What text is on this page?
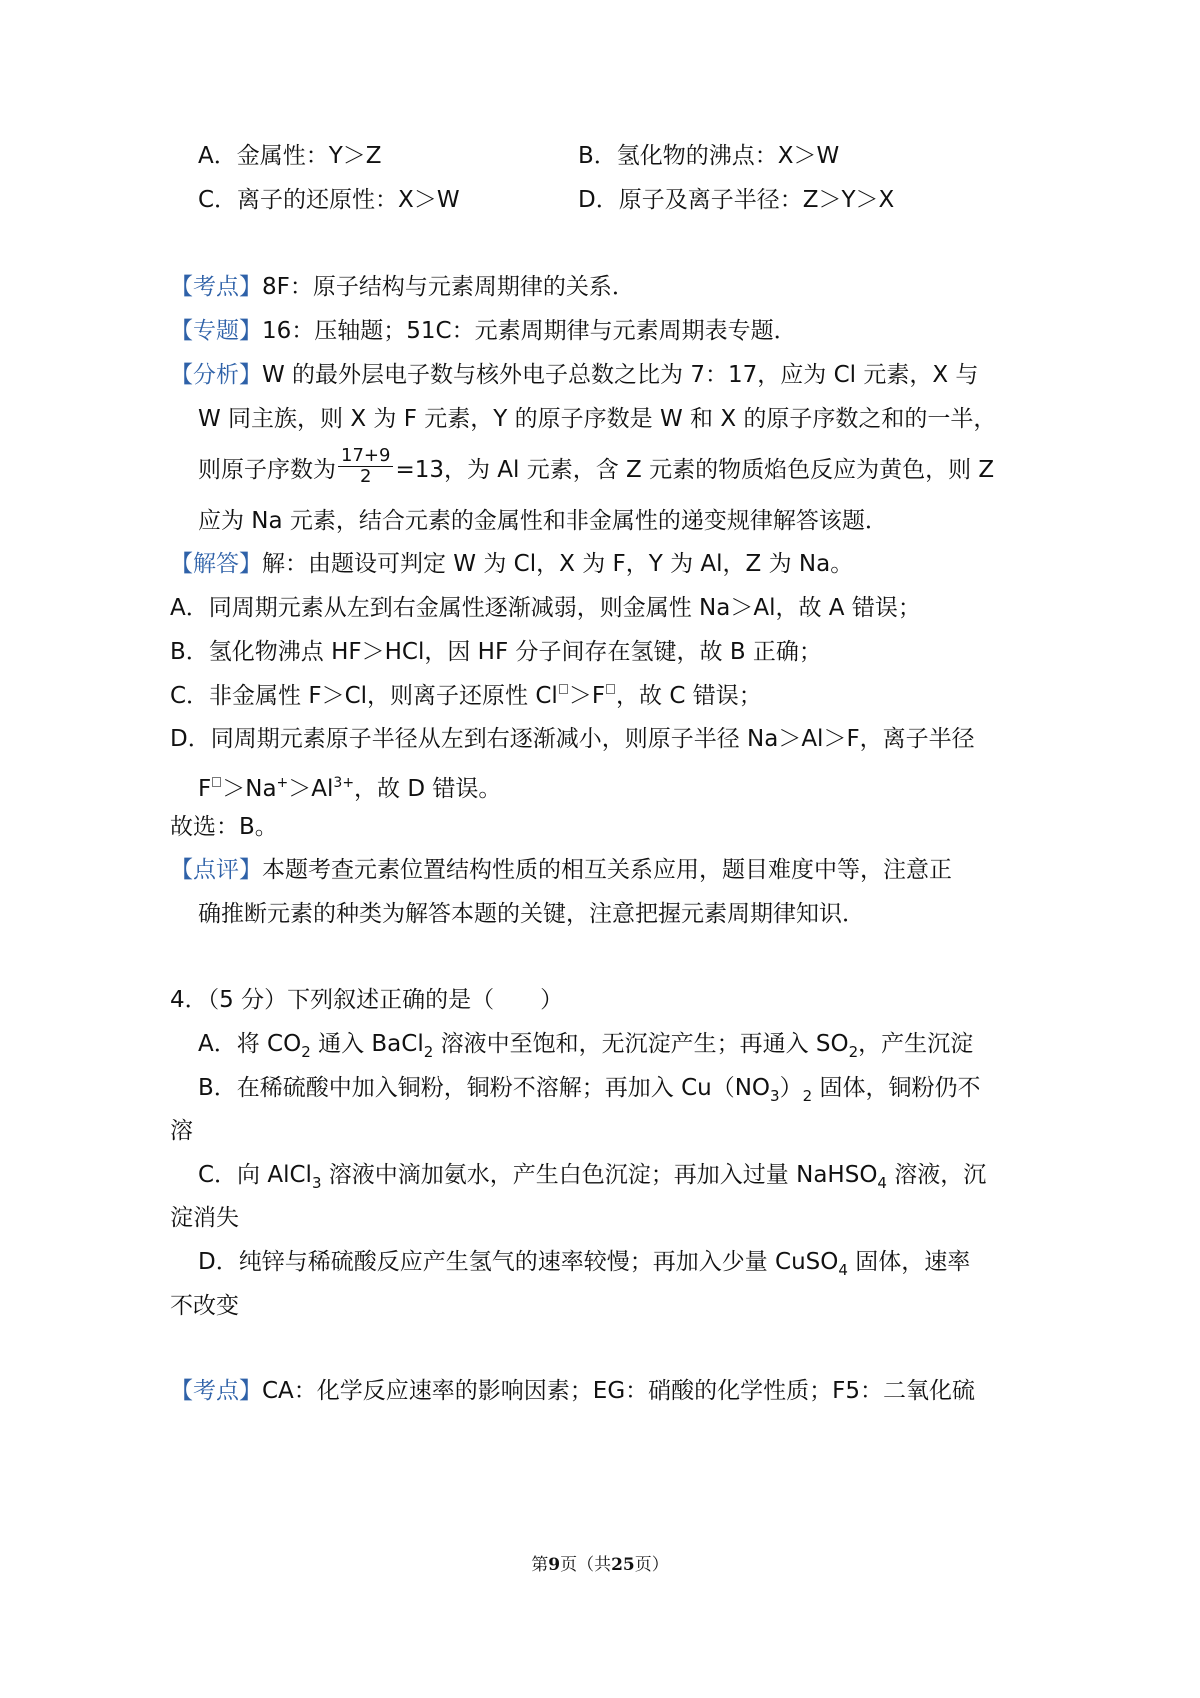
A．金属性：Y＞Z	B．氢化物的沸点：X＞W
C．离子的还原性：X＞W	D．原子及离子半径：Z＞Y＞X
【考点】8F：原子结构与元素周期律的关系．
【专题】16：压轴题；51C：元素周期律与元素周期表专题．
【分析】W 的最外层电子数与核外电子总数之比为 7：17，应为 Cl 元素，X 与
W 同主族，则 X 为 F 元素，Y 的原子序数是 W 和 X 的原子序数之和的一半，
则原子序数为 $\frac{17+9}{2} =13$，为 Al 元素，含 Z 元素的物质焰色反应为黄色，则 Z
应为 Na 元素，结合元素的金属性和非金属性的递变规律解答该题．
【解答】解：由题设可判定 W 为 Cl，X 为 F，Y 为 Al，Z 为 Na。
A．同周期元素从左到右金属性逐渐减弱，则金属性 Na＞Al，故 A 错误；
B．氢化物沸点 HF＞HCl，因 HF 分子间存在氢键，故 B 正确；
C．非金属性 F＞Cl，则离子还原性 Cl ＞F ，故 C 错误；
D．同周期元素原子半径从左到右逐渐减小，则原子半径 Na＞Al＞F，离子半径
$F >Na^+>Al^{3+}$，故 D 错误。
故选：B。
【点评】本题考查元素位置结构性质的相互关系应用，题目难度中等，注意正
确推断元素的种类为解答本题的关键，注意把握元素周期律知识．
4．（5 分）下列叙述正确的是（　　）
A．将 $CO_2$ 通入 BaCl$_2$ 溶液中至饱和，无沉淀产生；再通入 $SO_2$，产生沉淀
B．在稀硫酸中加入铜粉，铜粉不溶解；再加入 $Cu(NO_3)_2$ 固体，铜粉仍不
溶
C．向 AlCl$_3$ 溶液中滴加氨水，产生白色沉淀；再加入过量 NaHSO$_4$ 溶液，沉
淀消失
D．纯锌与稀硫酸反应产生氢气的速率较慢；再加入少量 CuSO$_4$ 固体，速率
不改变
【考点】CA：化学反应速率的影响因素；EG：硝酸的化学性质；F5：二氧化硫
第9页（共25页）
